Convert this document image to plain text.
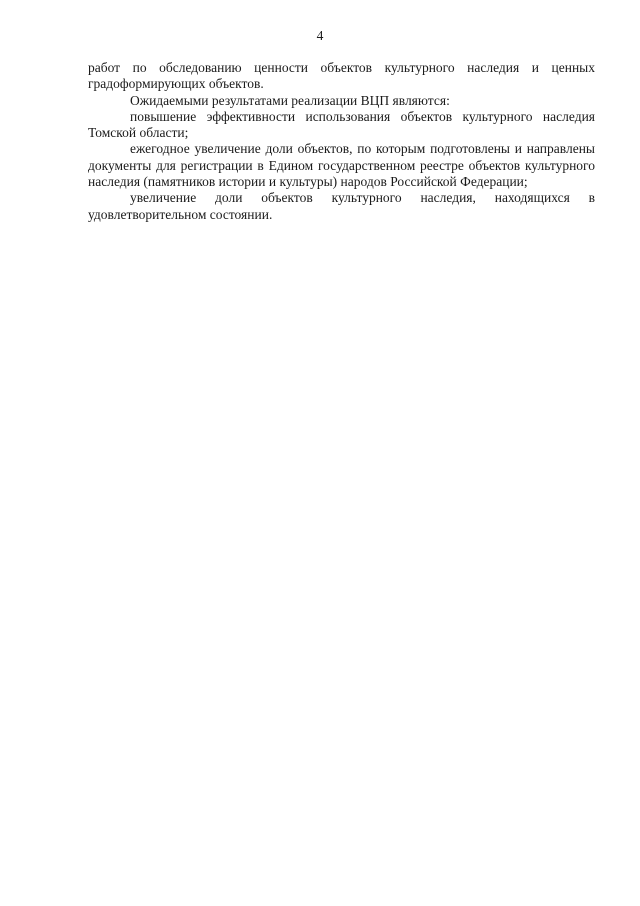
4

работ по обследованию ценности объектов культурного наследия и ценных градоформирующих объектов.

Ожидаемыми результатами реализации ВЦП являются:

повышение эффективности использования объектов культурного наследия Томской области;

ежегодное увеличение доли объектов, по которым подготовлены и направлены документы для регистрации в Едином государственном реестре объектов культурного наследия (памятников истории и культуры) народов Российской Федерации;

увеличение доли объектов культурного наследия, находящихся в удовлетворительном состоянии.
